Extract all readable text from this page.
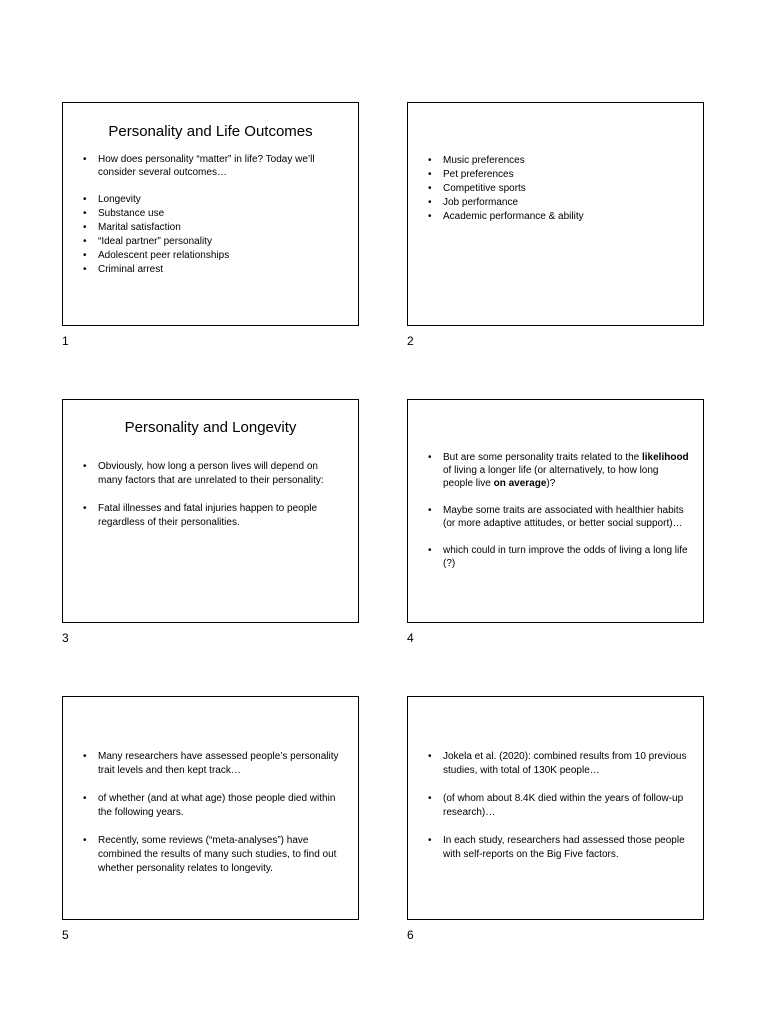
Personality and Life Outcomes
• How does personality “matter” in life? Today we’ll consider several outcomes…
• Longevity
• Substance use
• Marital satisfaction
• “Ideal partner” personality
• Adolescent peer relationships
• Criminal arrest
1
• Music preferences
• Pet preferences
• Competitive sports
• Job performance
• Academic performance & ability
2
Personality and Longevity
• Obviously, how long a person lives will depend on many factors that are unrelated to their personality:
• Fatal illnesses and fatal injuries happen to people regardless of their personalities.
3
• But are some personality traits related to the likelihood of living a longer life (or alternatively, to how long people live on average)?
• Maybe some traits are associated with healthier habits (or more adaptive attitudes, or better social support)…
• which could in turn improve the odds of living a long life (?)
4
• Many researchers have assessed people’s personality trait levels and then kept track…
• of whether (and at what age) those people died within the following years.
• Recently, some reviews (“meta-analyses”) have combined the results of many such studies, to find out whether personality relates to longevity.
5
• Jokela et al. (2020): combined results from 10 previous studies, with total of 130K people…
• (of whom about 8.4K died within the years of follow-up research)…
• In each study, researchers had assessed those people with self-reports on the Big Five factors.
6
